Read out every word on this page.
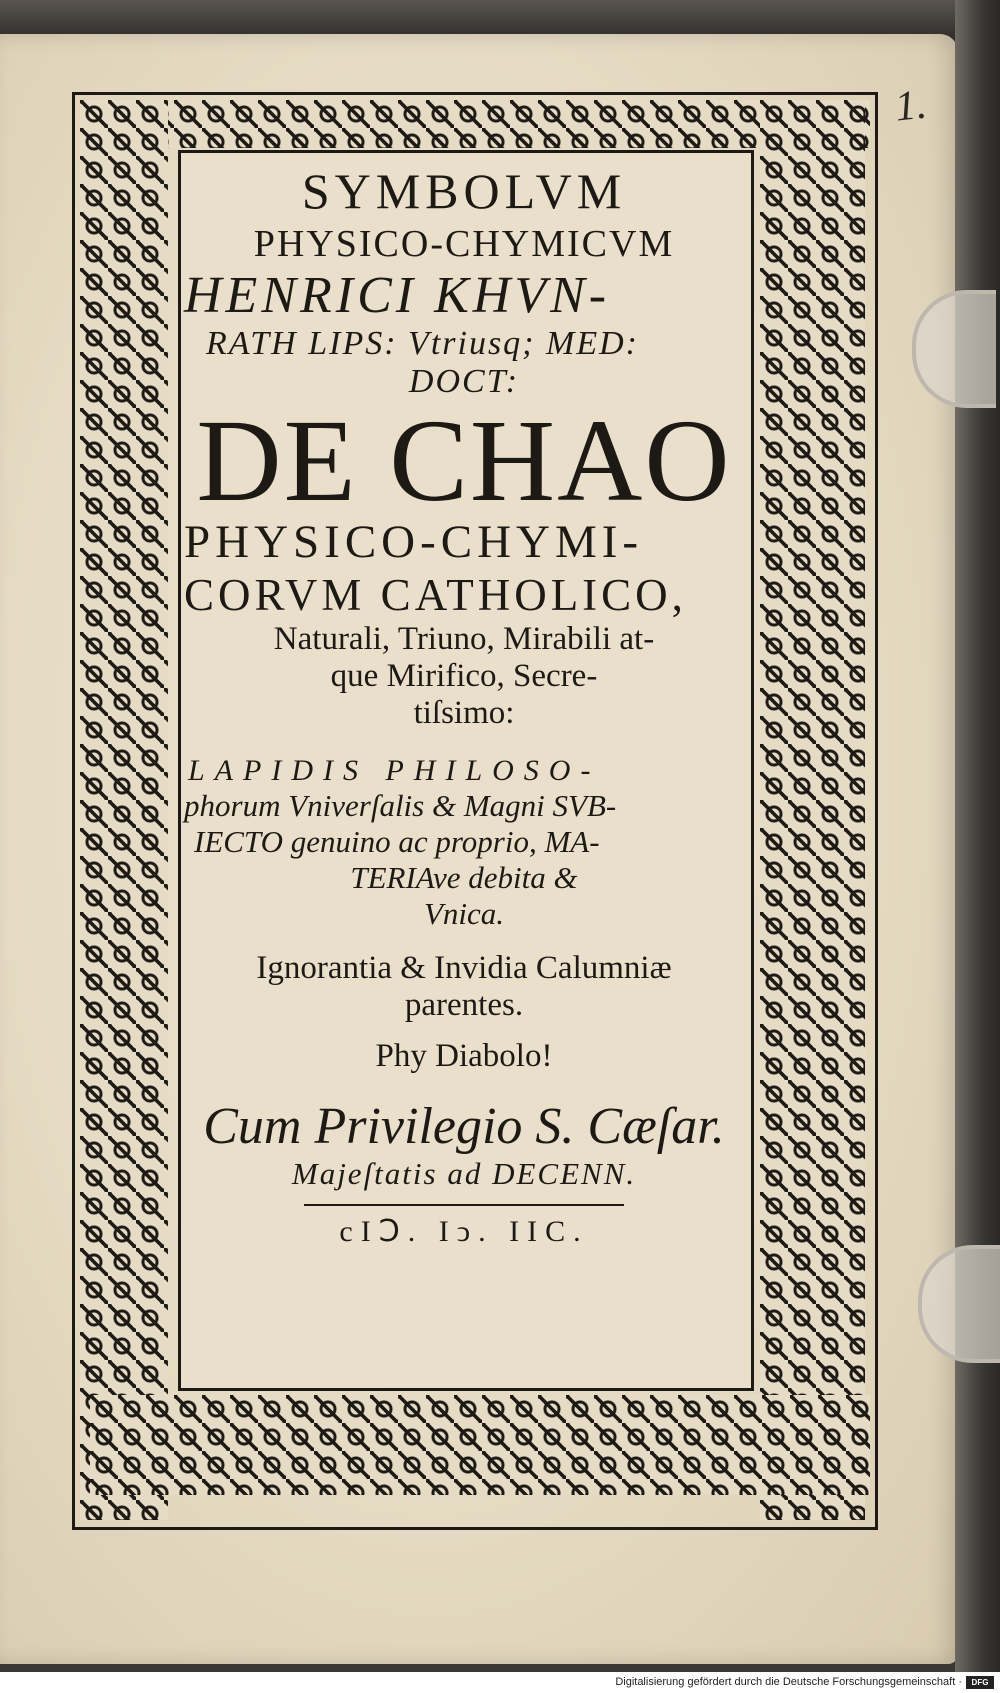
1.
SYMBOLVM
PHYSICO-CHYMICVM
HENRICI KHVN-
RATH LIPS: Vtriusq; MED:
DOCT:
DE CHAO
PHYSICO-CHYMI-
CORVM CATHOLICO,
Naturali, Triuno, Mirabili at-
que Mirifico, Secre-
tiſsimo:
LAPIDIS PHILOSO-
phorum Vniverſalis & Magni SVB-
IECTO genuino ac proprio, MA-
TERIAve debita &
Vnica.
Ignorantia & Invidia Calumniæ
parentes.
Phy Diabolo!
Cum Privilegio S. Cæſar.
Majeſtatis ad DECENN.
cIↃ. Iↄ. IIC.
Digitalisierung gefördert durch die Deutsche Forschungsgemeinschaft ·	DFG
